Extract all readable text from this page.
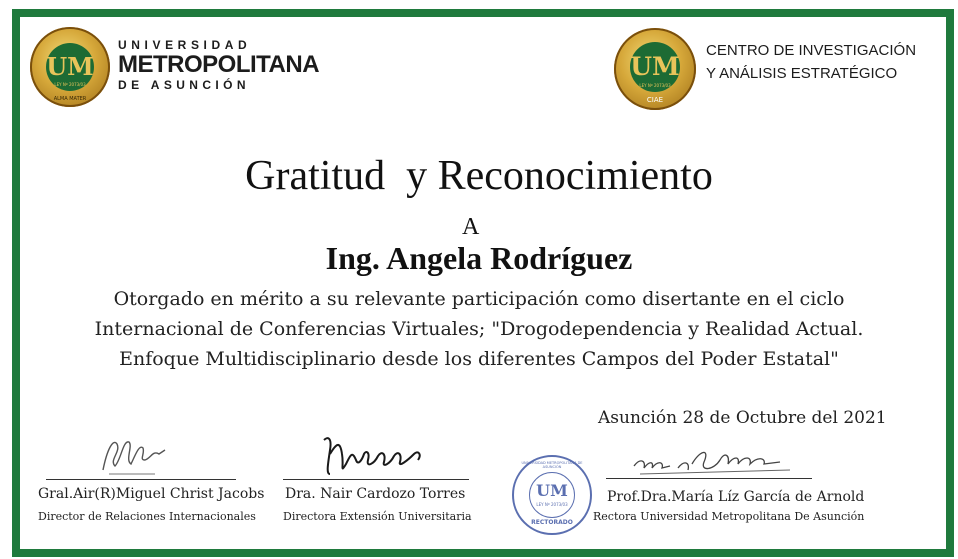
UM
LEY Nº 2073/03
ALMA MATER
UNIVERSIDAD
METROPOLITANA
DE ASUNCIÓN
UM
LEY Nº 2073/03
CIAE
CENTRO DE INVESTIGACIÓN
Y ANÁLISIS ESTRATÉGICO
Gratitud  y Reconocimiento
A
Ing. Angela Rodríguez
Otorgado en mérito a su relevante participación como disertante en el ciclo
Internacional de Conferencias Virtuales; "Drogodependencia y Realidad Actual.
Enfoque Multidisciplinario desde los diferentes Campos del Poder Estatal"
Asunción 28 de Octubre del 2021
Gral.Air(R)Miguel Christ Jacobs
Director de Relaciones Internacionales
Dra. Nair Cardozo Torres
Directora Extensión Universitaria
UM
LEY Nº 2073/03
UNIVERSIDAD METROPOLITANA DE ASUNCIÓN
RECTORADO
Prof.Dra.María Líz García de Arnold
Rectora Universidad Metropolitana De Asunción
